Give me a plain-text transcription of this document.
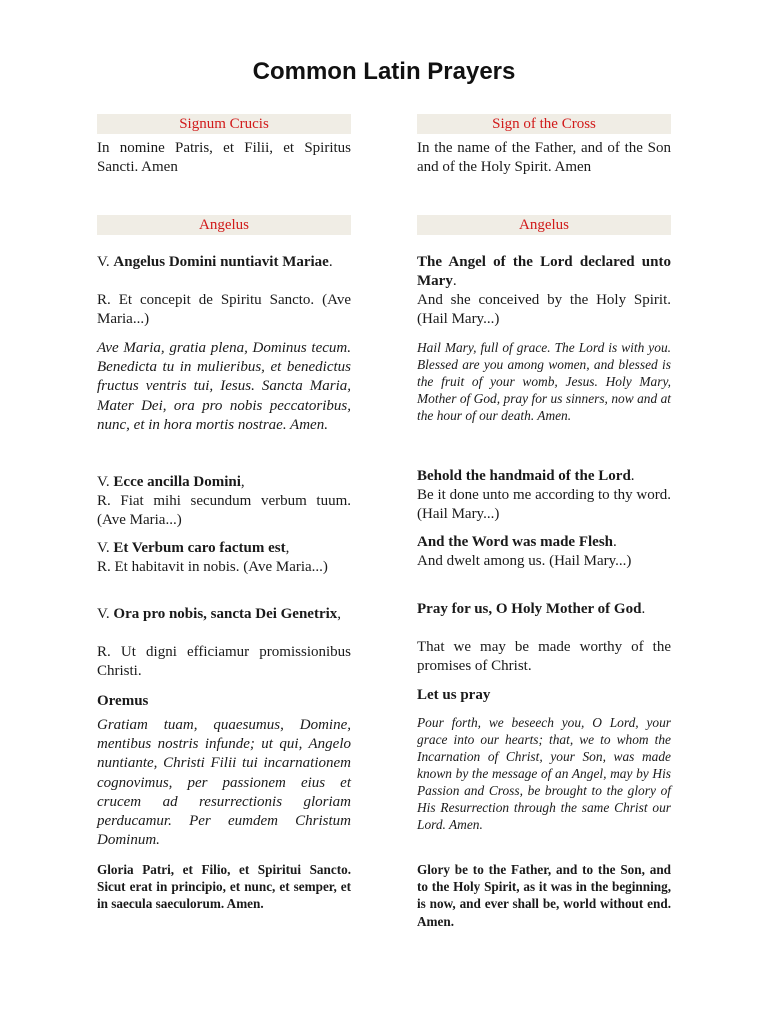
Common Latin Prayers
Signum Crucis
In nomine Patris, et Filii, et Spiritus Sancti. Amen
Angelus
V. Angelus Domini nuntiavit Mariae.
R. Et concepit de Spiritu Sancto. (Ave Maria...)
Ave Maria, gratia plena, Dominus tecum. Benedicta tu in mulieribus, et benedictus fructus ventris tui, Iesus. Sancta Maria, Mater Dei, ora pro nobis peccatoribus, nunc, et in hora mortis nostrae. Amen.
V. Ecce ancilla Domini,
R. Fiat mihi secundum verbum tuum. (Ave Maria...)
V. Et Verbum caro factum est,
R. Et habitavit in nobis. (Ave Maria...)
V. Ora pro nobis, sancta Dei Genetrix,
R. Ut digni efficiamur promissionibus Christi.
Oremus
Gratiam tuam, quaesumus, Domine, mentibus nostris infunde; ut qui, Angelo nuntiante, Christi Filii tui incarnationem cognovimus, per passionem eius et crucem ad resurrectionis gloriam perducamur. Per eumdem Christum Dominum.
Gloria Patri, et Filio, et Spiritui Sancto. Sicut erat in principio, et nunc, et semper, et in saecula saeculorum. Amen.
Sign of the Cross
In the name of the Father, and of the Son and of the Holy Spirit. Amen
Angelus
The Angel of the Lord declared unto Mary.
And she conceived by the Holy Spirit. (Hail Mary...)
Hail Mary, full of grace. The Lord is with you. Blessed are you among women, and blessed is the fruit of your womb, Jesus. Holy Mary, Mother of God, pray for us sinners, now and at the hour of our death. Amen.
Behold the handmaid of the Lord.
Be it done unto me according to thy word. (Hail Mary...)
And the Word was made Flesh.
And dwelt among us. (Hail Mary...)
Pray for us, O Holy Mother of God.
That we may be made worthy of the promises of Christ.
Let us pray
Pour forth, we beseech you, O Lord, your grace into our hearts; that, we to whom the Incarnation of Christ, your Son, was made known by the message of an Angel, may by His Passion and Cross, be brought to the glory of His Resurrection through the same Christ our Lord. Amen.
Glory be to the Father, and to the Son, and to the Holy Spirit, as it was in the beginning, is now, and ever shall be, world without end. Amen.
